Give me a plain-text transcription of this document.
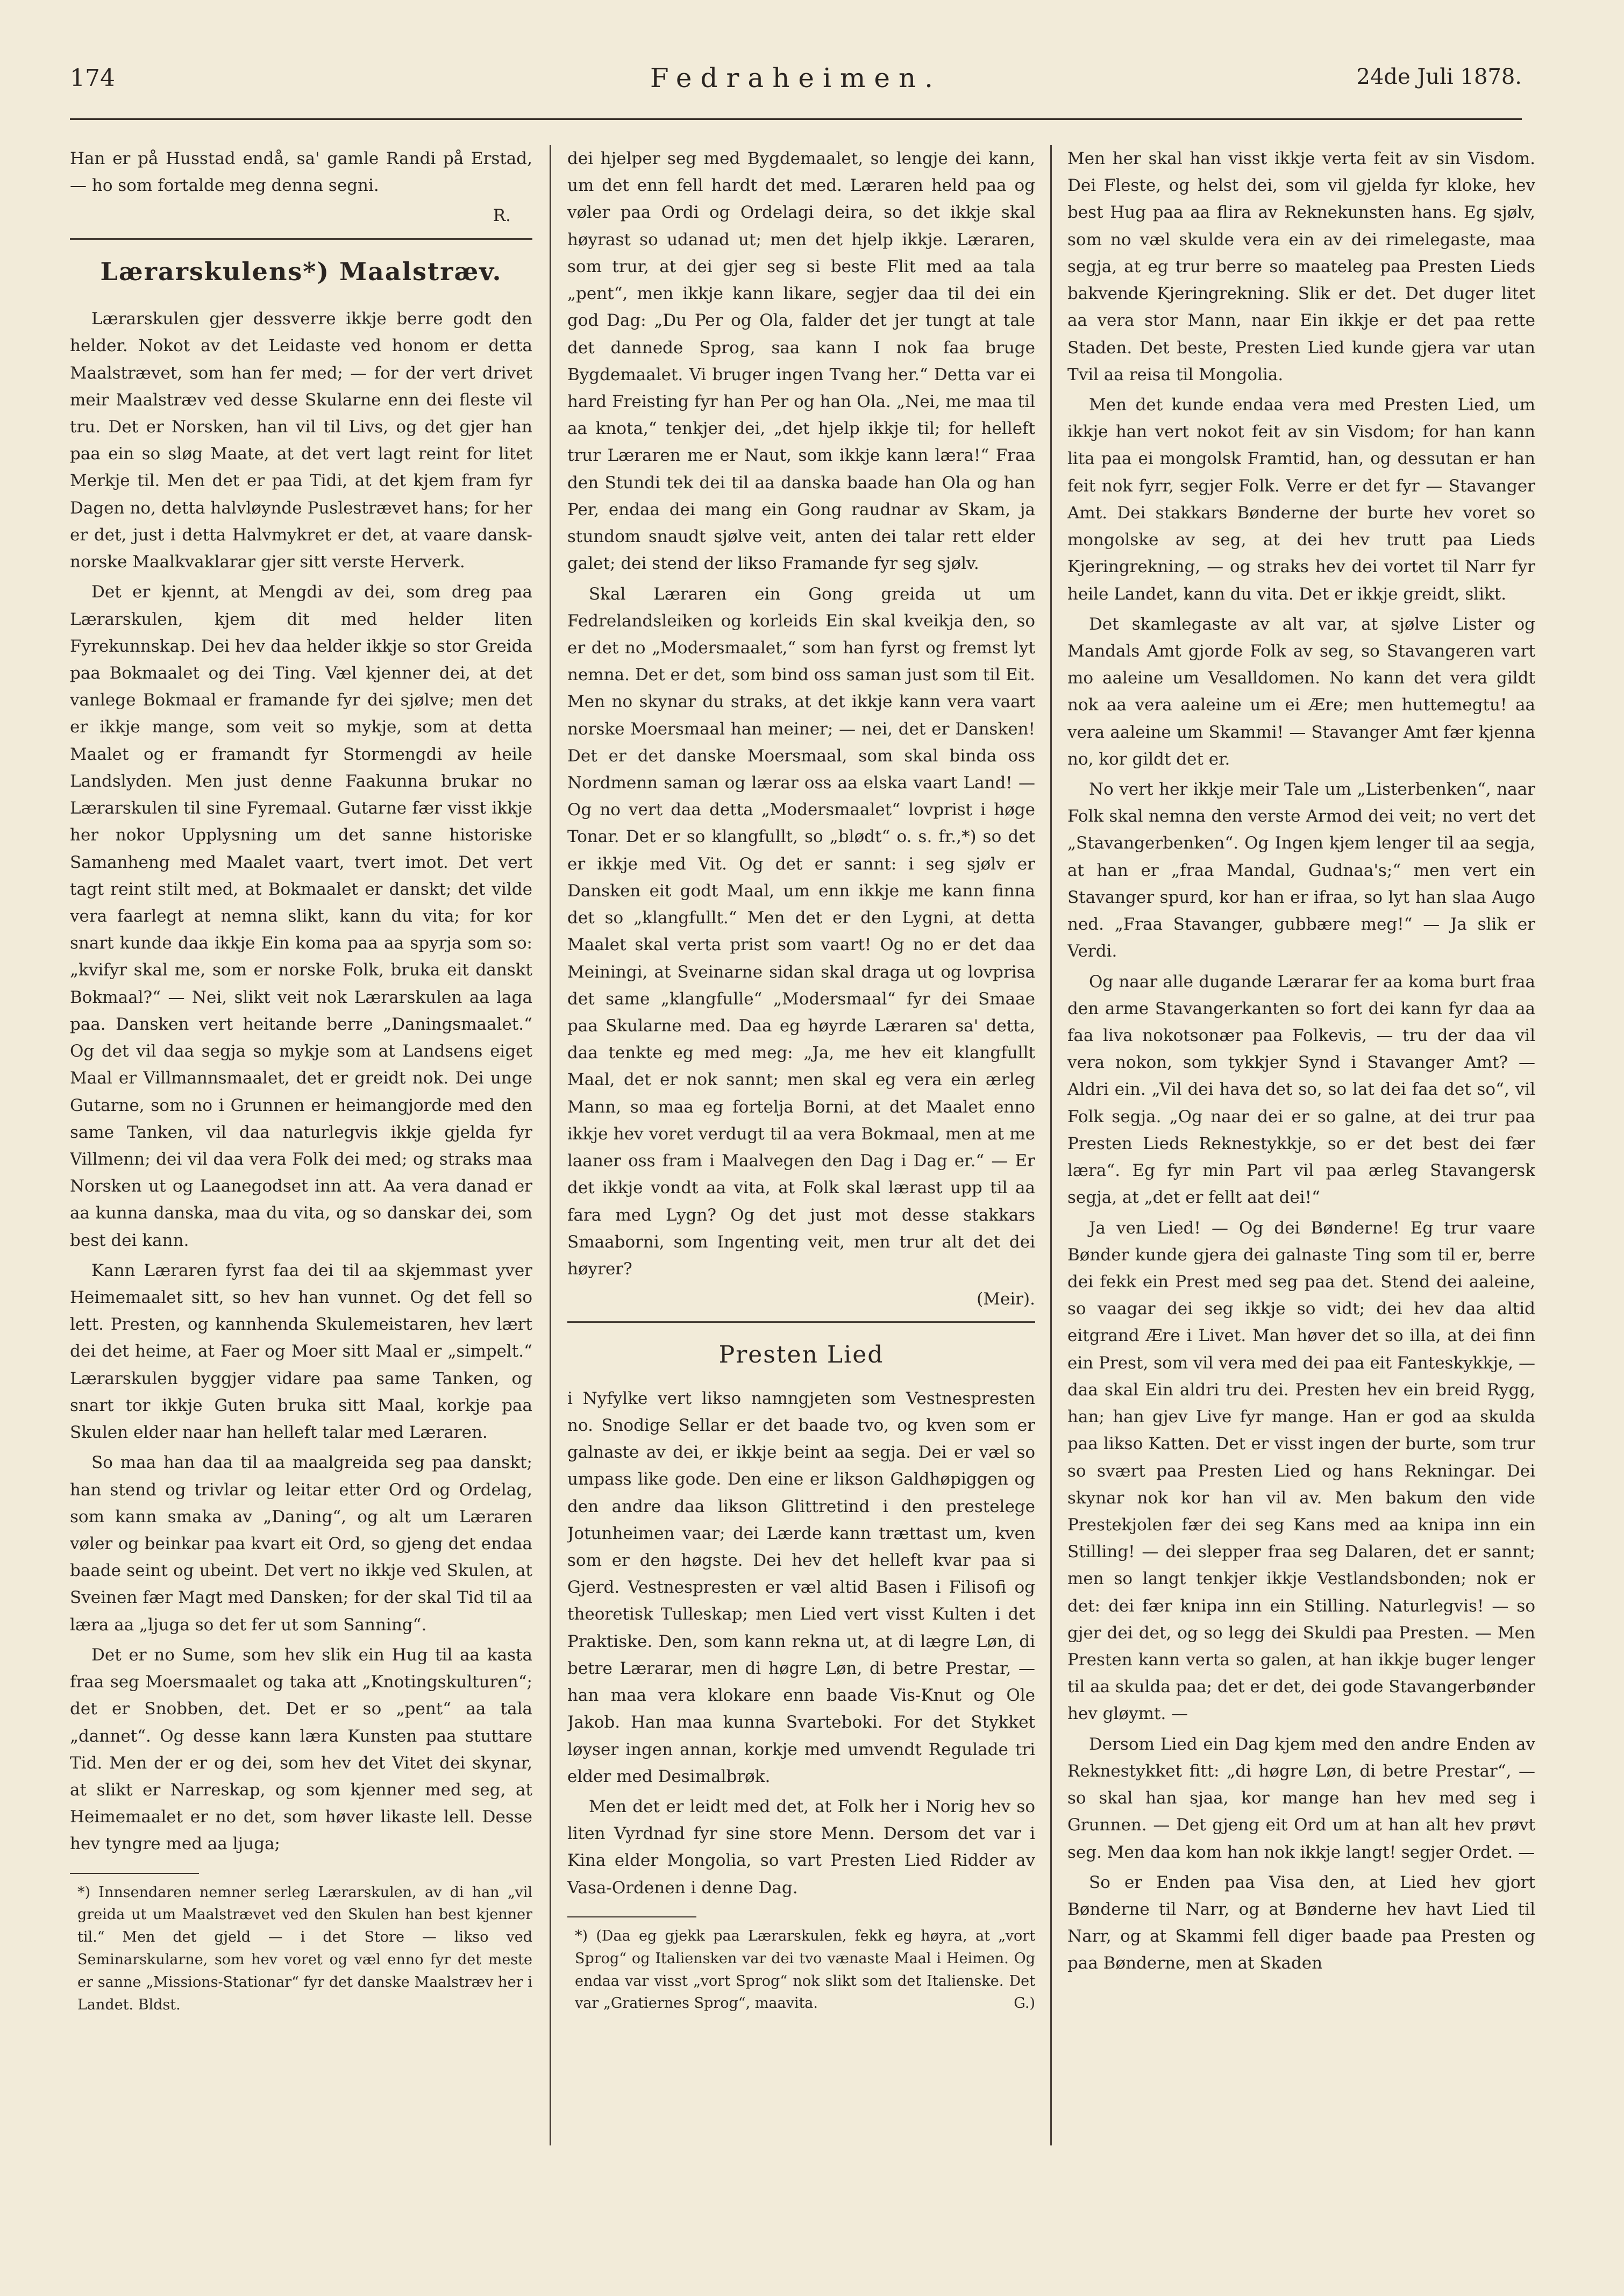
174	Fedraheimen.	24de Juli 1878.

Han er på Husstad endå, sa' gamle Randi på Erstad, — ho som fortalde meg denna segni.

R.
Lærarskulens*) Maalstræv.

Lærarskulen gjer dessverre ikkje berre godt den helder. Nokot av det Leidaste ved honom er detta Maalstrævet, som han fer med; — for der vert drivet meir Maalstræv ved desse Skularne enn dei fleste vil tru. Det er Norsken, han vil til Livs, og det gjer han paa ein so sløg Maate, at det vert lagt reint for litet Merkje til. Men det er paa Tidi, at det kjem fram fyr Dagen no, detta halvløynde Puslestrævet hans; for her er det, just i detta Halvmykret er det, at vaare dansk-norske Maalkvaklarar gjer sitt verste Herverk.

Det er kjennt, at Mengdi av dei, som dreg paa Lærarskulen, kjem dit med helder liten Fyrekunnskap. Dei hev daa helder ikkje so stor Greida paa Bokmaalet og dei Ting. Væl kjenner dei, at det vanlege Bokmaal er framande fyr dei sjølve; men det er ikkje mange, som veit so mykje, som at detta Maalet og er framandt fyr Stormengdi av heile Landslyden. Men just denne Faakunna brukar no Lærarskulen til sine Fyremaal. Gutarne fær visst ikkje her nokor Upplysning um det sanne historiske Samanheng med Maalet vaart, tvert imot. Det vert tagt reint stilt med, at Bokmaalet er danskt; det vilde vera faarlegt at nemna slikt, kann du vita; for kor snart kunde daa ikkje Ein koma paa aa spyrja som so: „kvifyr skal me, som er norske Folk, bruka eit danskt Bokmaal?“ — Nei, slikt veit nok Lærarskulen aa laga paa. Dansken vert heitande berre „Daningsmaalet.“ Og det vil daa segja so mykje som at Landsens eiget Maal er Villmannsmaalet, det er greidt nok. Dei unge Gutarne, som no i Grunnen er heimangjorde med den same Tanken, vil daa naturlegvis ikkje gjelda fyr Villmenn; dei vil daa vera Folk dei med; og straks maa Norsken ut og Laanegodset inn att. Aa vera danad er aa kunna danska, maa du vita, og so danskar dei, som best dei kann.

Kann Læraren fyrst faa dei til aa skjemmast yver Heimemaalet sitt, so hev han vunnet. Og det fell so lett. Presten, og kannhenda Skulemeistaren, hev lært dei det heime, at Faer og Moer sitt Maal er „simpelt.“ Lærarskulen byggjer vidare paa same Tanken, og snart tor ikkje Guten bruka sitt Maal, korkje paa Skulen elder naar han helleft talar med Læraren.

So maa han daa til aa maalgreida seg paa danskt; han stend og trivlar og leitar etter Ord og Ordelag, som kann smaka av „Daning“, og alt um Læraren vøler og beinkar paa kvart eit Ord, so gjeng det endaa baade seint og ubeint. Det vert no ikkje ved Skulen, at Sveinen fær Magt med Dansken; for der skal Tid til aa læra aa „ljuga so det fer ut som Sanning“.

Det er no Sume, som hev slik ein Hug til aa kasta fraa seg Moersmaalet og taka att „Knotingskulturen“; det er Snobben, det. Det er so „pent“ aa tala „dannet“. Og desse kann læra Kunsten paa stuttare Tid. Men der er og dei, som hev det Vitet dei skynar, at slikt er Narreskap, og som kjenner med seg, at Heimemaalet er no det, som høver likaste lell. Desse hev tyngre med aa ljuga;

*) Innsendaren nemner serleg Lærarskulen, av di han „vil greida ut um Maalstrævet ved den Skulen han best kjenner til.“ Men det gjeld — i det Store — likso ved Seminarskularne, som hev voret og væl enno fyr det meste er sanne „Missions-Stationar“ fyr det danske Maalstræv her i Landet. Bldst.

dei hjelper seg med Bygdemaalet, so lengje dei kann, um det enn fell hardt det med. Læraren held paa og vøler paa Ordi og Ordelagi deira, so det ikkje skal høyrast so udanad ut; men det hjelp ikkje. Læraren, som trur, at dei gjer seg si beste Flit med aa tala „pent“, men ikkje kann likare, segjer daa til dei ein god Dag: „Du Per og Ola, falder det jer tungt at tale det dannede Sprog, saa kann I nok faa bruge Bygdemaalet. Vi bruger ingen Tvang her.“ Detta var ei hard Freisting fyr han Per og han Ola. „Nei, me maa til aa knota,“ tenkjer dei, „det hjelp ikkje til; for helleft trur Læraren me er Naut, som ikkje kann læra!“ Fraa den Stundi tek dei til aa danska baade han Ola og han Per, endaa dei mang ein Gong raudnar av Skam, ja stundom snaudt sjølve veit, anten dei talar rett elder galet; dei stend der likso Framande fyr seg sjølv.

Skal Læraren ein Gong greida ut um Fedrelandsleiken og korleids Ein skal kveikja den, so er det no „Modersmaalet,“ som han fyrst og fremst lyt nemna. Det er det, som bind oss saman just som til Eit. Men no skynar du straks, at det ikkje kann vera vaart norske Moersmaal han meiner; — nei, det er Dansken! Det er det danske Moersmaal, som skal binda oss Nordmenn saman og lærar oss aa elska vaart Land! — Og no vert daa detta „Modersmaalet“ lovprist i høge Tonar. Det er so klangfullt, so „blødt“ o. s. fr.,*) so det er ikkje med Vit. Og det er sannt: i seg sjølv er Dansken eit godt Maal, um enn ikkje me kann finna det so „klangfullt.“ Men det er den Lygni, at detta Maalet skal verta prist som vaart! Og no er det daa Meiningi, at Sveinarne sidan skal draga ut og lovprisa det same „klangfulle“ „Modersmaal“ fyr dei Smaae paa Skularne med. Daa eg høyrde Læraren sa' detta, daa tenkte eg med meg: „Ja, me hev eit klangfullt Maal, det er nok sannt; men skal eg vera ein ærleg Mann, so maa eg fortelja Borni, at det Maalet enno ikkje hev voret verdugt til aa vera Bokmaal, men at me laaner oss fram i Maalvegen den Dag i Dag er.“ — Er det ikkje vondt aa vita, at Folk skal lærast upp til aa fara med Lygn? Og det just mot desse stakkars Smaaborni, som Ingenting veit, men trur alt det dei høyrer?

(Meir).
Presten Lied

i Nyfylke vert likso namngjeten som Vestnespresten no. Snodige Sellar er det baade tvo, og kven som er galnaste av dei, er ikkje beint aa segja. Dei er væl so umpass like gode. Den eine er likson Galdhøpiggen og den andre daa likson Glittretind i den prestelege Jotunheimen vaar; dei Lærde kann trættast um, kven som er den høgste. Dei hev det helleft kvar paa si Gjerd. Vestnespresten er væl altid Basen i Filisofi og theoretisk Tulleskap; men Lied vert visst Kulten i det Praktiske. Den, som kann rekna ut, at di lægre Løn, di betre Lærarar, men di høgre Løn, di betre Prestar, — han maa vera klokare enn baade Vis-Knut og Ole Jakob. Han maa kunna Svarteboki. For det Stykket løyser ingen annan, korkje med umvendt Regulade tri elder med Desimalbrøk.

Men det er leidt med det, at Folk her i Norig hev so liten Vyrdnad fyr sine store Menn. Dersom det var i Kina elder Mongolia, so vart Presten Lied Ridder av Vasa-Ordenen i denne Dag.

*) (Daa eg gjekk paa Lærarskulen, fekk eg høyra, at „vort Sprog“ og Italiensken var dei tvo vænaste Maal i Heimen. Og endaa var visst „vort Sprog“ nok slikt som det Italienske. Det var „Gratiernes Sprog“, maavita.	G.)

Men her skal han visst ikkje verta feit av sin Visdom. Dei Fleste, og helst dei, som vil gjelda fyr kloke, hev best Hug paa aa flira av Reknekunsten hans. Eg sjølv, som no væl skulde vera ein av dei rimelegaste, maa segja, at eg trur berre so maateleg paa Presten Lieds bakvende Kjeringrekning. Slik er det. Det duger litet aa vera stor Mann, naar Ein ikkje er det paa rette Staden. Det beste, Presten Lied kunde gjera var utan Tvil aa reisa til Mongolia.

Men det kunde endaa vera med Presten Lied, um ikkje han vert nokot feit av sin Visdom; for han kann lita paa ei mongolsk Framtid, han, og dessutan er han feit nok fyrr, segjer Folk. Verre er det fyr — Stavanger Amt. Dei stakkars Bønderne der burte hev voret so mongolske av seg, at dei hev trutt paa Lieds Kjeringrekning, — og straks hev dei vortet til Narr fyr heile Landet, kann du vita. Det er ikkje greidt, slikt.

Det skamlegaste av alt var, at sjølve Lister og Mandals Amt gjorde Folk av seg, so Stavangeren vart mo aaleine um Vesalldomen. No kann det vera gildt nok aa vera aaleine um ei Ære; men huttemegtu! aa vera aaleine um Skammi! — Stavanger Amt fær kjenna no, kor gildt det er.

No vert her ikkje meir Tale um „Listerbenken“, naar Folk skal nemna den verste Armod dei veit; no vert det „Stavangerbenken“. Og Ingen kjem lenger til aa segja, at han er „fraa Mandal, Gudnaa's;“ men vert ein Stavanger spurd, kor han er ifraa, so lyt han slaa Augo ned. „Fraa Stavanger, gubbære meg!“ — Ja slik er Verdi.

Og naar alle dugande Lærarar fer aa koma burt fraa den arme Stavangerkanten so fort dei kann fyr daa aa faa liva nokotsonær paa Folkevis, — tru der daa vil vera nokon, som tykkjer Synd i Stavanger Amt? — Aldri ein. „Vil dei hava det so, so lat dei faa det so“, vil Folk segja. „Og naar dei er so galne, at dei trur paa Presten Lieds Reknestykkje, so er det best dei fær læra“. Eg fyr min Part vil paa ærleg Stavangersk segja, at „det er fellt aat dei!“

Ja ven Lied! — Og dei Bønderne! Eg trur vaare Bønder kunde gjera dei galnaste Ting som til er, berre dei fekk ein Prest med seg paa det. Stend dei aaleine, so vaagar dei seg ikkje so vidt; dei hev daa altid eitgrand Ære i Livet. Man høver det so illa, at dei finn ein Prest, som vil vera med dei paa eit Fanteskykkje, — daa skal Ein aldri tru dei. Presten hev ein breid Rygg, han; han gjev Live fyr mange. Han er god aa skulda paa likso Katten. Det er visst ingen der burte, som trur so svært paa Presten Lied og hans Rekningar. Dei skynar nok kor han vil av. Men bakum den vide Prestekjolen fær dei seg Kans med aa knipa inn ein Stilling! — dei slepper fraa seg Dalaren, det er sannt; men so langt tenkjer ikkje Vestlandsbonden; nok er det: dei fær knipa inn ein Stilling. Naturlegvis! — so gjer dei det, og so legg dei Skuldi paa Presten. — Men Presten kann verta so galen, at han ikkje buger lenger til aa skulda paa; det er det, dei gode Stavangerbønder hev gløymt. —

Dersom Lied ein Dag kjem med den andre Enden av Reknestykket fitt: „di høgre Løn, di betre Prestar“, — so skal han sjaa, kor mange han hev med seg i Grunnen. — Det gjeng eit Ord um at han alt hev prøvt seg. Men daa kom han nok ikkje langt! segjer Ordet. —

So er Enden paa Visa den, at Lied hev gjort Bønderne til Narr, og at Bønderne hev havt Lied til Narr, og at Skammi fell diger baade paa Presten og paa Bønderne, men at Skaden
